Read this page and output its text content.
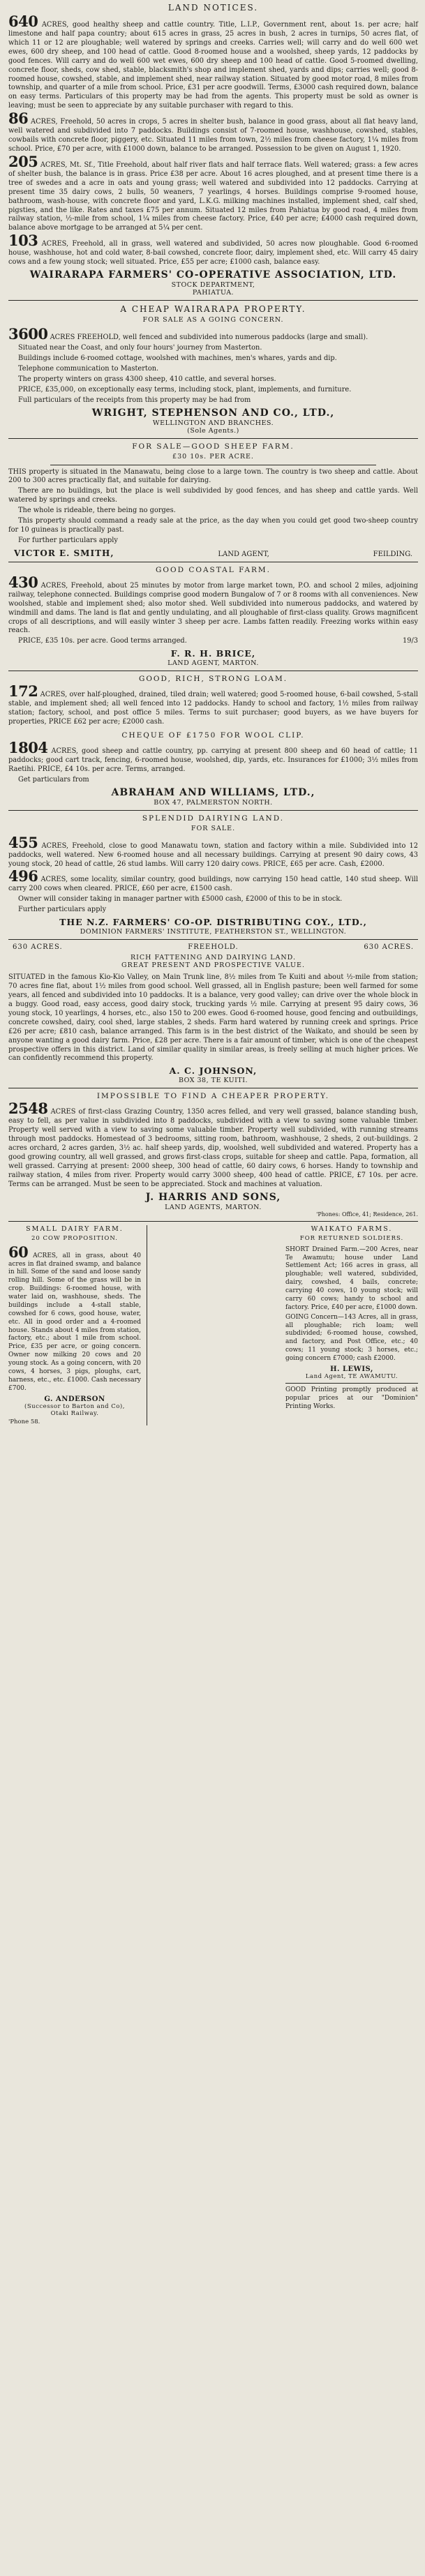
LAND NOTICES.

640 ACRES, good healthy sheep and cattle country. Title, L.I.P., Government rent, about 1s. per acre; half limestone and half papa country; about 615 acres in grass, 25 acres in bush, 2 acres in turnips, 50 acres flat, of which 11 or 12 are ploughable; well watered by springs and creeks. Carries well; will carry and do well 600 wet ewes, 600 dry sheep, and 100 head of cattle. Good 8-roomed house and a woolshed, sheep yards, 12 paddocks by good fences. Will carry and do well 600 wet ewes, 600 dry sheep and 100 head of cattle. Good 5-roomed dwelling, concrete floor, sheds, cow shed, stable, blacksmith's shop and implement shed, yards and dips; carries well; good 8-roomed house, cowshed, stable, and implement shed, near railway station. Situated by good motor road, 8 miles from township, and quarter of a mile from school. Price, £31 per acre goodwill. Terms, £3000 cash required down, balance on easy terms. Particulars of this property may be had from the agents. This property must be sold as owner is leaving; must be seen to appreciate by any suitable purchaser with regard to this.

86 ACRES, Freehold, 50 acres in crops, 5 acres in shelter bush, balance in good grass, about all flat heavy land, well watered and subdivided into 7 paddocks. Buildings consist of 7-roomed house, washhouse, cowshed, stables, cowbails with concrete floor, piggery, etc. Situated 11 miles from town, 2½ miles from cheese factory, 1¼ miles from school. Price, £70 per acre, with £1000 down, balance to be arranged. Possession to be given on August 1, 1920.

205 ACRES, Mt. Sf., Title Freehold, about half river flats and half terrace flats. Well watered; grass: a few acres of shelter bush, the balance is in grass. Price £38 per acre. About 16 acres ploughed, and at present time there is a tree of swedes and a acre in oats and young grass; well watered and subdivided into 12 paddocks. Carrying at present time 35 dairy cows, 2 bulls, 50 weaners, 7 yearlings, 4 horses. Buildings comprise 9-roomed house, bathroom, wash-house, with concrete floor and yard, L.K.G. milking machines installed, implement shed, calf shed, pigsties, and the like. Rates and taxes £75 per annum. Situated 12 miles from Pahiatua by good road, 4 miles from railway station, ½-mile from school, 1¼ miles from cheese factory. Price, £40 per acre; £4000 cash required down, balance above mortgage to be arranged at 5¼ per cent.

103 ACRES, Freehold, all in grass, well watered and subdivided, 50 acres now ploughable. Good 6-roomed house, washhouse, hot and cold water, 8-bail cowshed, concrete floor, dairy, implement shed, etc. Will carry 45 dairy cows and a few young stock; well situated. Price, £55 per acre; £1000 cash, balance easy.

WAIRARAPA FARMERS' CO-OPERATIVE ASSOCIATION, LTD.
STOCK DEPARTMENT,
PAHIATUA.
A CHEAP WAIRARAPA PROPERTY.
FOR SALE AS A GOING CONCERN.

3600 ACRES FREEHOLD, well fenced and subdivided into numerous paddocks (large and small).

Situated near the Coast, and only four hours' journey from Masterton.

Buildings include 6-roomed cottage, woolshed with machines, men's whares, yards and dip.

Telephone communication to Masterton.

The property winters on grass 4300 sheep, 410 cattle, and several horses.

PRICE, £35,000, on exceptionally easy terms, including stock, plant, implements, and furniture.

Full particulars of the receipts from this property may be had from

WRIGHT, STEPHENSON AND CO., LTD.,
WELLINGTON AND BRANCHES.
(Sole Agents.)
FOR SALE—GOOD SHEEP FARM.
£30 10s. PER ACRE.

THIS property is situated in the Manawatu, being close to a large town. The country is two sheep and cattle. About 200 to 300 acres practically flat, and suitable for dairying.

There are no buildings, but the place is well subdivided by good fences, and has sheep and cattle yards. Well watered by springs and creeks.

The whole is rideable, there being no gorges.

This property should command a ready sale at the price, as the day when you could get good two-sheep country for 10 guineas is practically past.

For further particulars apply

VICTOR E. SMITH,	LAND AGENT,	FEILDING.
GOOD COASTAL FARM.

430 ACRES, Freehold, about 25 minutes by motor from large market town, P.O. and school 2 miles, adjoining railway, telephone connected. Buildings comprise good modern Bungalow of 7 or 8 rooms with all conveniences. New woolshed, stable and implement shed; also motor shed. Well subdivided into numerous paddocks, and watered by windmill and dams. The land is flat and gently undulating, and all ploughable of first-class quality. Grows magnificent crops of all descriptions, and will easily winter 3 sheep per acre. Lambs fatten readily. Freezing works within easy reach.

PRICE, £35 10s. per acre. Good terms arranged.	19/3

F. R. H. BRICE,
LAND AGENT, MARTON.
GOOD, RICH, STRONG LOAM.

172 ACRES, over half-ploughed, drained, tiled drain; well watered; good 5-roomed house, 6-bail cowshed, 5-stall stable, and implement shed; all well fenced into 12 paddocks. Handy to school and factory, 1½ miles from railway station; factory, school, and post office 5 miles. Terms to suit purchaser; good buyers, as we have buyers for properties, PRICE £62 per acre; £2000 cash.

CHEQUE OF £1750 FOR WOOL CLIP.

1804 ACRES, good sheep and cattle country, pp. carrying at present 800 sheep and 60 head of cattle; 11 paddocks; good cart track, fencing, 6-roomed house, woolshed, dip, yards, etc. Insurances for £1000; 3½ miles from Raetihi. PRICE, £4 10s. per acre. Terms, arranged.

Get particulars from

ABRAHAM AND WILLIAMS, LTD.,
BOX 47, PALMERSTON NORTH.
SPLENDID DAIRYING LAND.
FOR SALE.

455 ACRES, Freehold, close to good Manawatu town, station and factory within a mile. Subdivided into 12 paddocks, well watered. New 6-roomed house and all necessary buildings. Carrying at present 90 dairy cows, 43 young stock, 20 head of cattle, 26 stud lambs. Will carry 120 dairy cows. PRICE, £65 per acre. Cash, £2000.

496 ACRES, some locality, similar country, good buildings, now carrying 150 head cattle, 140 stud sheep. Will carry 200 cows when cleared. PRICE, £60 per acre, £1500 cash.

Owner will consider taking in manager partner with £5000 cash, £2000 of this to be in stock.

Further particulars apply

THE N.Z. FARMERS' CO-OP. DISTRIBUTING COY., LTD.,
DOMINION FARMERS' INSTITUTE, FEATHERSTON ST., WELLINGTON.
630 ACRES.	FREEHOLD.	630 ACRES.
RICH FATTENING AND DAIRYING LAND.
GREAT PRESENT AND PROSPECTIVE VALUE.

SITUATED in the famous Kio-Kio Valley, on Main Trunk line, 8½ miles from Te Kuiti and about ½-mile from station; 70 acres fine flat, about 1½ miles from good school. Well grassed, all in English pasture; been well farmed for some years, all fenced and subdivided into 10 paddocks. It is a balance, very good valley; can drive over the whole block in a buggy. Good road, easy access, good dairy stock, trucking yards ½ mile. Carrying at present 95 dairy cows, 36 young stock, 10 yearlings, 4 horses, etc., also 150 to 200 ewes. Good 6-roomed house, good fencing and outbuildings, concrete cowshed, dairy, cool shed, large stables, 2 sheds. Farm hard watered by running creek and springs. Price £26 per acre; £810 cash, balance arranged. This farm is in the best district of the Waikato, and should be seen by anyone wanting a good dairy farm. Price, £28 per acre. There is a fair amount of timber, which is one of the cheapest prospective offers in this district. Land of similar quality in similar areas, is freely selling at much higher prices. We can confidently recommend this property.

A. C. JOHNSON,
BOX 38, TE KUITI.
IMPOSSIBLE TO FIND A CHEAPER PROPERTY.

2548 ACRES of first-class Grazing Country, 1350 acres felled, and very well grassed, balance standing bush, easy to fell, as per value in subdivided into 8 paddocks, subdivided with a view to saving some valuable timber. Property well served with a view to saving some valuable timber. Property well subdivided, with running streams through most paddocks. Homestead of 3 bedrooms, sitting room, bathroom, washhouse, 2 sheds, 2 out-buildings. 2 acres orchard, 2 acres garden, 3½ ac. half sheep yards, dip, woolshed, well subdivided and watered. Property has a good growing country, all well grassed, and grows first-class crops, suitable for sheep and cattle. Papa, formation, all well grassed. Carrying at present: 2000 sheep, 300 head of cattle, 60 dairy cows, 6 horses. Handy to township and railway station, 4 miles from river. Property would carry 3000 sheep, 400 head of cattle. PRICE, £7 10s. per acre. Terms can be arranged. Must be seen to be appreciated. Stock and machines at valuation.

J. HARRIS AND SONS,
LAND AGENTS, MARTON.
'Phones: Office, 41; Residence, 261.
SMALL DAIRY FARM.
20 COW PROPOSITION.

60 ACRES, all in grass, about 40 acres in flat drained swamp, and balance in hill. Some of the sand and loose sandy rolling hill. Some of the grass will be in crop. Buildings: 6-roomed house, with water laid on, washhouse, sheds. The buildings include a 4-stall stable, cowshed for 6 cows, good house, water, etc. All in good order and a 4-roomed house. Stands about 4 miles from station, factory, etc.; about 1 mile from school. Price, £35 per acre, or going concern. Owner now milking 20 cows and 20 young stock. As a going concern, with 20 cows, 4 horses, 3 pigs, ploughs, cart, harness, etc., etc. £1000. Cash necessary £700.

G. ANDERSON
(Successor to Barton and Co),
Otaki Railway.
'Phone 58.
WAIKATO FARMS.
FOR RETURNED SOLDIERS.

SHORT Drained Farm.—200 Acres, near Te Awamutu; house under Land Settlement Act; 166 acres in grass, all ploughable; well watered, subdivided, dairy, cowshed, 4 bails, concrete; carrying 40 cows, 10 young stock; will carry 60 cows; handy to school and factory. Price, £40 per acre, £1000 down.

GOING Concern—143 Acres, all in grass, all ploughable; rich loam; well subdivided; 6-roomed house, cowshed, and factory, and Post Office, etc.; 40 cows; 11 young stock; 3 horses, etc.; going concern £7000; cash £2000.

H. LEWIS,
Land Agent, TE AWAMUTU.
GOOD Printing promptly produced at popular prices at our "Dominion" Printing Works.
